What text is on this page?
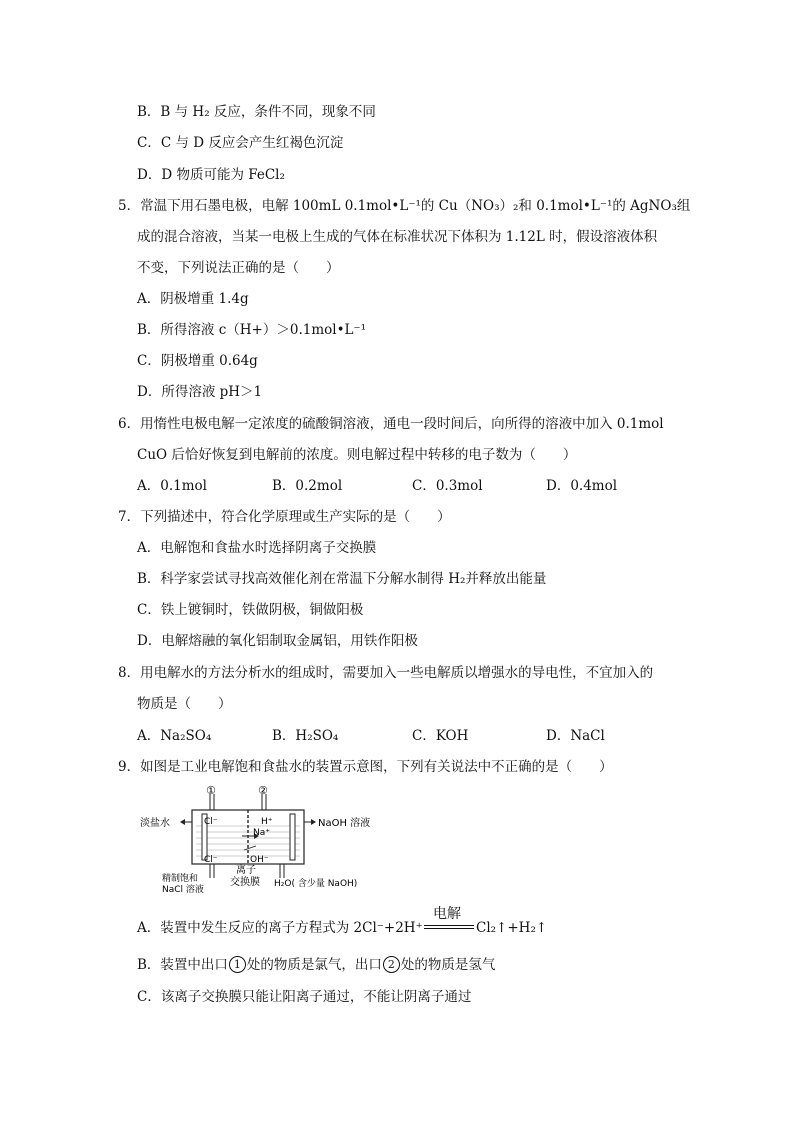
B．B 与 H₂ 反应，条件不同，现象不同
C．C 与 D 反应会产生红褐色沉淀
D．D 物质可能为 FeCl₂
5．常温下用石墨电极，电解 100mL 0.1mol•L⁻¹的 Cu（NO₃）₂和 0.1mol•L⁻¹的 AgNO₃组
成的混合溶液，当某一电极上生成的气体在标准状况下体积为 1.12L 时，假设溶液体积
不变，下列说法正确的是（　　）
A．阴极增重 1.4g
B．所得溶液 c（H+）＞0.1mol•L⁻¹
C．阴极增重 0.64g
D．所得溶液 pH＞1
6．用惰性电极电解一定浓度的硫酸铜溶液，通电一段时间后，向所得的溶液中加入 0.1mol
CuO 后恰好恢复到电解前的浓度。则电解过程中转移的电子数为（　　）
A．0.1mol	B．0.2mol	C．0.3mol	D．0.4mol
7．下列描述中，符合化学原理或生产实际的是（　　）
A．电解饱和食盐水时选择阴离子交换膜
B．科学家尝试寻找高效催化剂在常温下分解水制得 H₂并释放出能量
C．铁上镀铜时，铁做阴极，铜做阳极
D．电解熔融的氧化铝制取金属铝，用铁作阳极
8．用电解水的方法分析水的组成时，需要加入一些电解质以增强水的导电性，不宜加入的
物质是（　　）
A．Na₂SO₄	B．H₂SO₄	C．KOH	D．NaCl
9．如图是工业电解饱和食盐水的装置示意图，下列有关说法中不正确的是（　　）
①	②
Cl⁻	H⁺
Na⁺
Cl⁻	OH⁻
淡盐水	NaOH 溶液
精制饱和
NaCl 溶液
离子
交换膜 H₂O( 含少量 NaOH)
A．装置中发生反应的离子方程式为 2Cl⁻+2H⁺
电解
Cl₂↑+H₂↑
B．装置中出口 1 处的物质是氯气，出口 2 处的物质是氢气
C．该离子交换膜只能让阳离子通过，不能让阴离子通过
